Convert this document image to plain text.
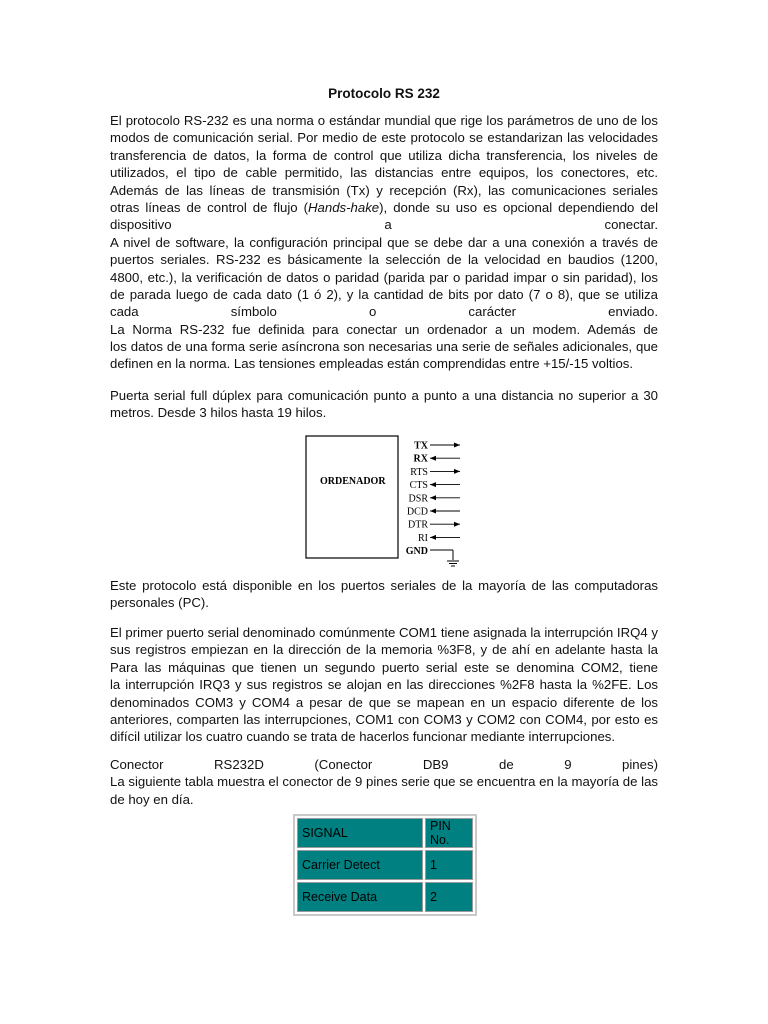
Protocolo RS 232
El protocolo RS-232 es una norma o estándar mundial que rige los parámetros de uno de los
modos de comunicación serial. Por medio de este protocolo se estandarizan las velocidades
transferencia de datos, la forma de control que utiliza dicha transferencia, los niveles de
utilizados, el tipo de cable permitido, las distancias entre equipos, los conectores, etc.
Además de las líneas de transmisión (Tx) y recepción (Rx), las comunicaciones seriales
otras líneas de control de flujo (Hands-hake), donde su uso es opcional dependiendo del
dispositivo	a	conectar.
A nivel de software, la configuración principal que se debe dar a una conexión a través de
puertos seriales. RS-232 es básicamente la selección de la velocidad en baudios (1200,
4800, etc.), la verificación de datos o paridad (parida par o paridad impar o sin paridad), los
de parada luego de cada dato (1 ó 2), y la cantidad de bits por dato (7 o 8), que se utiliza
cada	símbolo	o	carácter	enviado.
La Norma RS-232 fue definida para conectar un ordenador a un modem. Además de
los datos de una forma serie asíncrona son necesarias una serie de señales adicionales, que
definen en la norma. Las tensiones empleadas están comprendidas entre +15/-15 voltios.
Puerta serial full dúplex para comunicación punto a punto a una distancia no superior a 30
metros. Desde 3 hilos hasta 19 hilos.
ORDENADOR
TX
RX
RTS
CTS
DSR
DCD
DTR
RI
GND
Este protocolo está disponible en los puertos seriales de la mayoría de las computadoras
personales (PC).
El primer puerto serial denominado comúnmente COM1 tiene asignada la interrupción IRQ4 y
sus registros empiezan en la dirección de la memoria %3F8, y de ahí en adelante hasta la
Para las máquinas que tienen un segundo puerto serial este se denomina COM2, tiene
la interrupción IRQ3 y sus registros se alojan en las direcciones %2F8 hasta la %2FE. Los
denominados COM3 y COM4 a pesar de que se mapean en un espacio diferente de los
anteriores, comparten las interrupciones, COM1 con COM3 y COM2 con COM4, por esto es
difícil utilizar los cuatro cuando se trata de hacerlos funcionar mediante interrupciones.
Conector	RS232D	(Conector	DB9	de	9	pines)
La siguiente tabla muestra el conector de 9 pines serie que se encuentra en la mayoría de las
de hoy en día.
SIGNAL	PIN No.
Carrier Detect	1
Receive Data	2
